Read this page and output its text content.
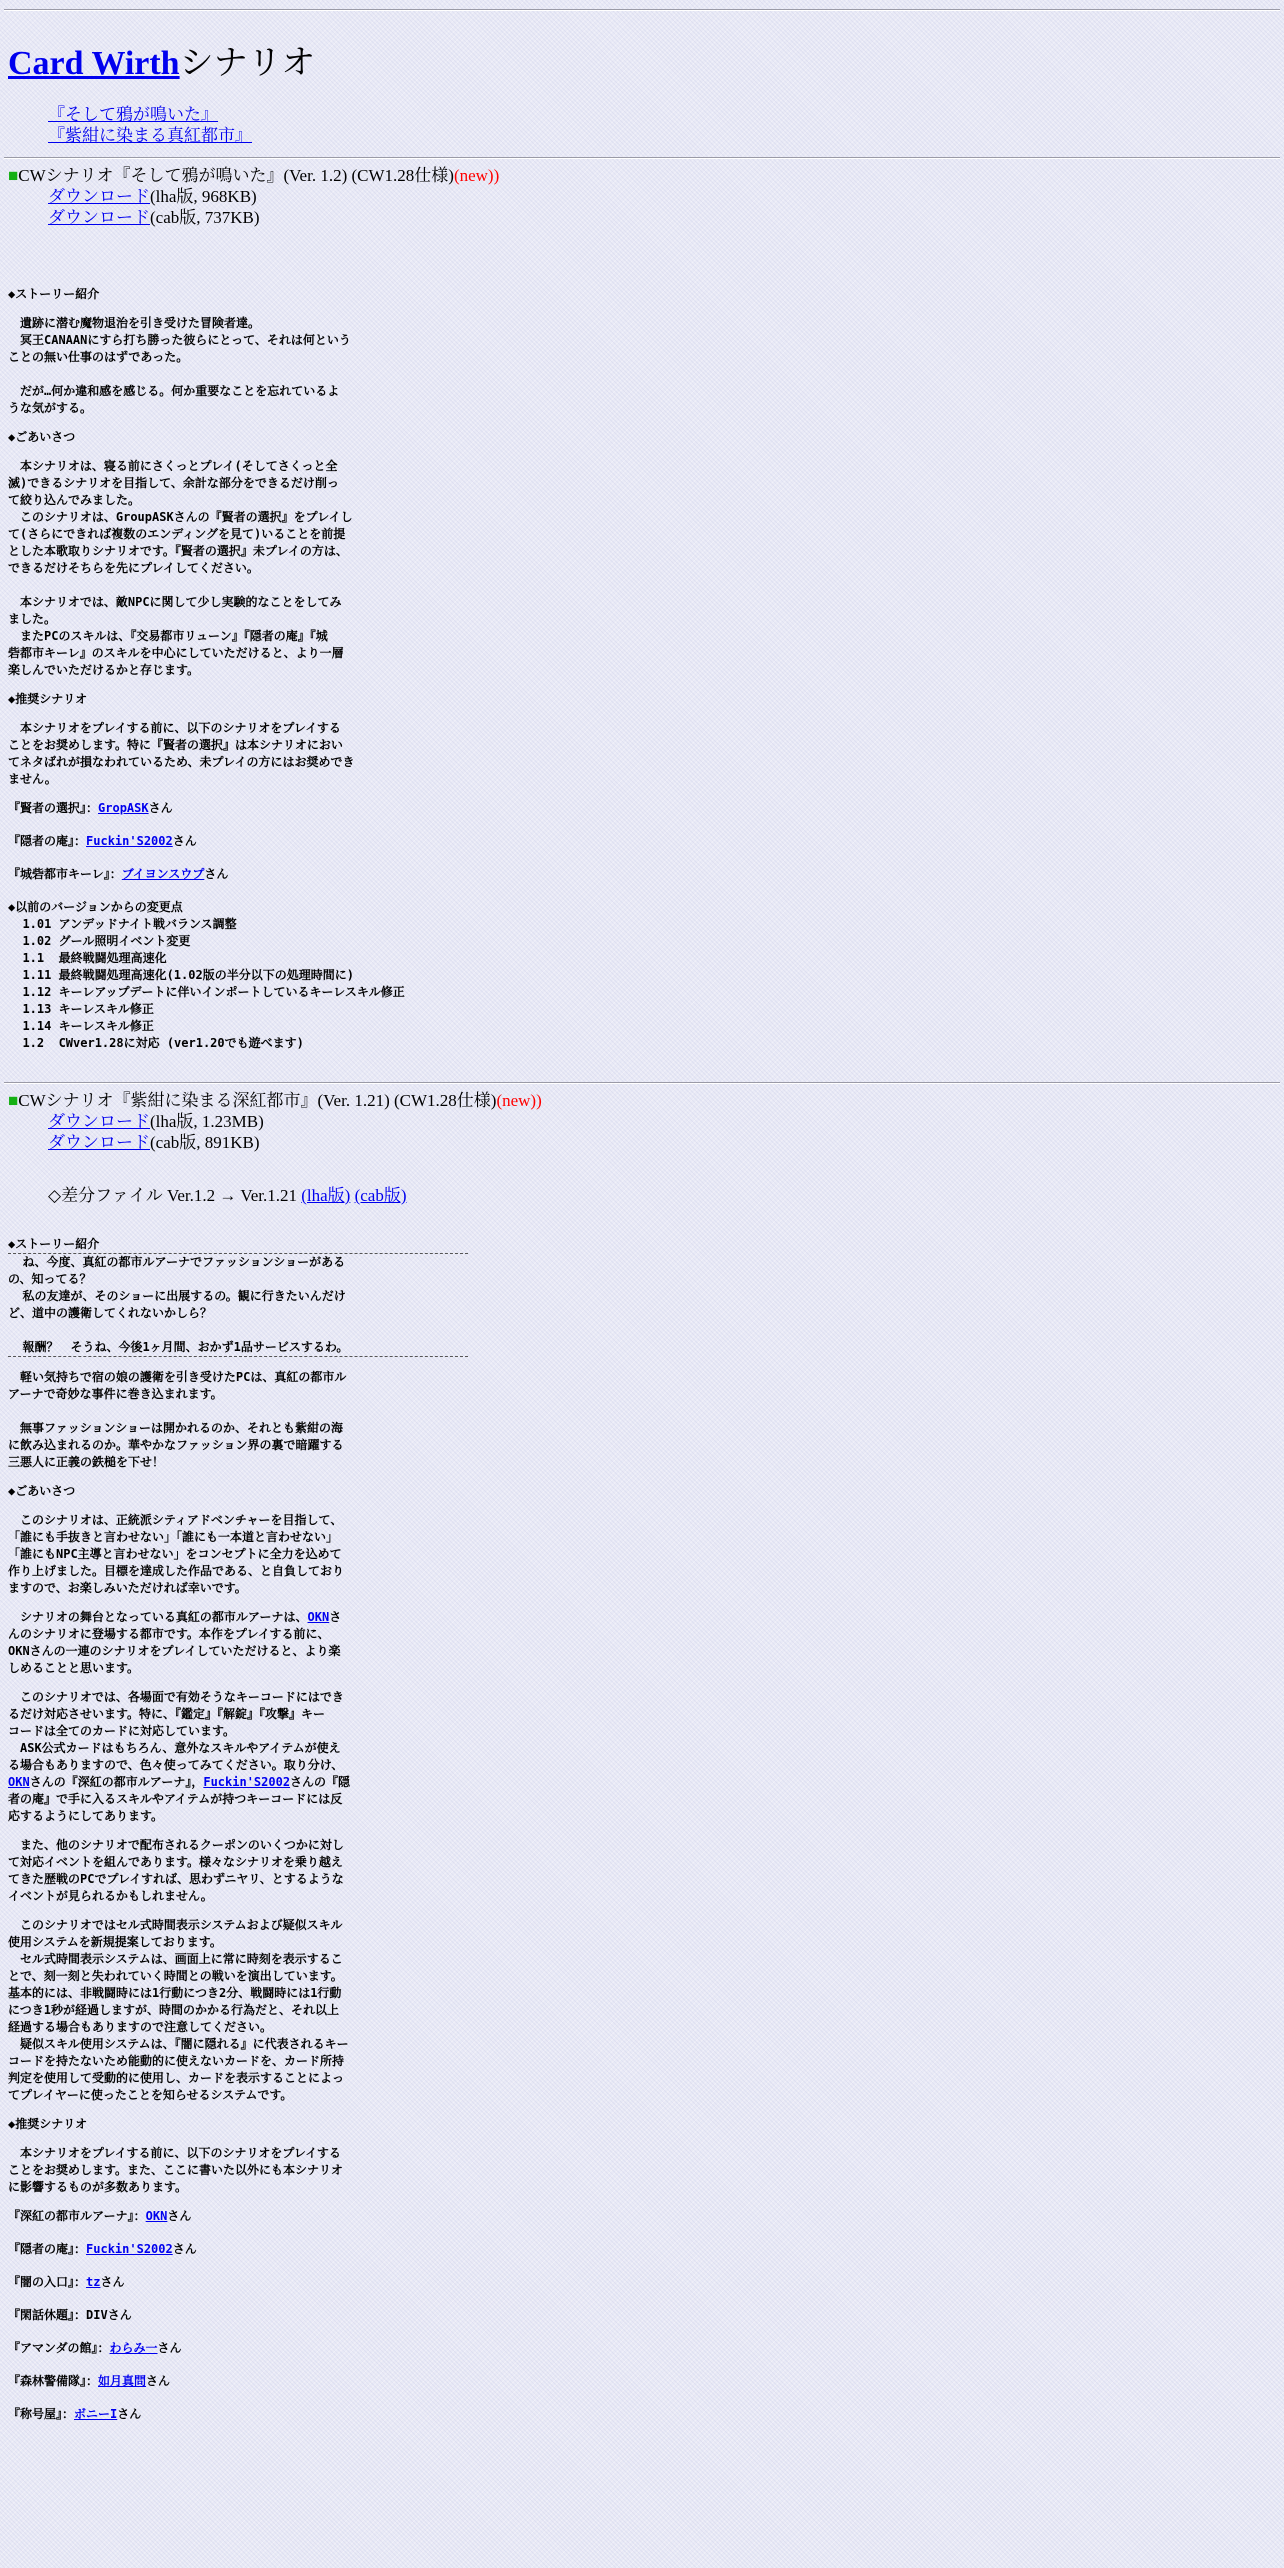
Card Wirthシナリオ
『そして鴉が鳴いた』
『紫紺に染まる真紅都市』
■CWシナリオ『そして鴉が鳴いた』(Ver. 1.2) (CW1.28仕様)(new))
ダウンロード(lha版, 968KB)
ダウンロード(cab版, 737KB)
◆ストーリー紹介
　遺跡に潜む魔物退治を引き受けた冒険者達。
　冥王CANAANにすら打ち勝った彼らにとって、それは何という
ことの無い仕事のはずであった。

　だが…何か違和感を感じる。何か重要なことを忘れているよ
うな気がする。
◆ごあいさつ
　本シナリオは、寝る前にさくっとプレイ(そしてさくっと全
滅)できるシナリオを目指して、余計な部分をできるだけ削っ
て絞り込んでみました。
　このシナリオは、GroupASKさんの『賢者の選択』をプレイし
て(さらにできれば複数のエンディングを見て)いることを前提
とした本歌取りシナリオです。『賢者の選択』未プレイの方は、
できるだけそちらを先にプレイしてください。

　本シナリオでは、敵NPCに関して少し実験的なことをしてみ
ました。
　またPCのスキルは、『交易都市リューン』『隠者の庵』『城
砦都市キーレ』のスキルを中心にしていただけると、より一層
楽しんでいただけるかと存じます。
◆推奨シナリオ
　本シナリオをプレイする前に、以下のシナリオをプレイする
ことをお奨めします。特に『賢者の選択』は本シナリオにおい
てネタばれが損なわれているため、未プレイの方にはお奨めでき
ません。
『賢者の選択』：GropASKさん
『隠者の庵』：Fuckin'S2002さん
『城砦都市キーレ』：ブイヨンスウプさん
◆以前のバージョンからの変更点
1.01 アンデッドナイト戦バランス調整
1.02 グール照明イベント変更
1.1  最終戦闘処理高速化
1.11 最終戦闘処理高速化(1.02版の半分以下の処理時間に)
1.12 キーレアップデートに伴いインポートしているキーレスキル修正
1.13 キーレスキル修正
1.14 キーレスキル修正
1.2  CWver1.28に対応 (ver1.20でも遊べます)
■CWシナリオ『紫紺に染まる深紅都市』(Ver. 1.21) (CW1.28仕様)(new))
ダウンロード(lha版, 1.23MB)
ダウンロード(cab版, 891KB)
◇差分ファイル Ver.1.2 → Ver.1.21 (lha版) (cab版)
◆ストーリー紹介
ね、今度、真紅の都市ルアーナでファッションショーがある
の、知ってる？
私の友達が、そのショーに出展するの。観に行きたいんだけ
ど、道中の護衛してくれないかしら？

報酬？　そうね、今後1ヶ月間、おかず1品サービスするわ。
　軽い気持ちで宿の娘の護衛を引き受けたPCは、真紅の都市ル
アーナで奇妙な事件に巻き込まれます。

　無事ファッションショーは開かれるのか、それとも紫紺の海
に飲み込まれるのか。華やかなファッション界の裏で暗躍する
三悪人に正義の鉄槌を下せ！
◆ごあいさつ
　このシナリオは、正統派シティアドベンチャーを目指して、
「誰にも手抜きと言わせない」「誰にも一本道と言わせない」
「誰にもNPC主導と言わせない」をコンセプトに全力を込めて
作り上げました。目標を達成した作品である、と自負しており
ますので、お楽しみいただければ幸いです。
　シナリオの舞台となっている真紅の都市ルアーナは、OKNさ
んのシナリオに登場する都市です。本作をプレイする前に、
OKNさんの一連のシナリオをプレイしていただけると、より楽
しめることと思います。
　このシナリオでは、各場面で有効そうなキーコードにはでき
るだけ対応させいます。特に、『鑑定』『解錠』『攻撃』キー
コードは全てのカードに対応しています。
　ASK公式カードはもちろん、意外なスキルやアイテムが使え
る場合もありますので、色々使ってみてください。取り分け、
OKNさんの『深紅の都市ルアーナ』，Fuckin'S2002さんの『隠
者の庵』で手に入るスキルやアイテムが持つキーコードには反
応するようにしてあります。
　また、他のシナリオで配布されるクーポンのいくつかに対し
て対応イベントを組んであります。様々なシナリオを乗り越え
てきた歴戦のPCでプレイすれば、思わずニヤリ、とするような
イベントが見られるかもしれません。
　このシナリオではセル式時間表示システムおよび疑似スキル
使用システムを新規提案しております。
　セル式時間表示システムは、画面上に常に時刻を表示するこ
とで、刻一刻と失われていく時間との戦いを演出しています。
基本的には、非戦闘時には1行動につき2分、戦闘時には1行動
につき1秒が経過しますが、時間のかかる行為だと、それ以上
経過する場合もありますので注意してください。
　疑似スキル使用システムは、『闇に隠れる』に代表されるキー
コードを持たないため能動的に使えないカードを、カード所持
判定を使用して受動的に使用し、カードを表示することによっ
てプレイヤーに使ったことを知らせるシステムです。
◆推奨シナリオ
　本シナリオをプレイする前に、以下のシナリオをプレイする
ことをお奨めします。また、ここに書いた以外にも本シナリオ
に影響するものが多数あります。
『深紅の都市ルアーナ』：OKNさん
『隠者の庵』：Fuckin'S2002さん
『闇の入口』：tzさん
『閑話休題』：DIVさん
『アマンダの館』：わらみ一さん
『森林警備隊』：如月真問さん
『称号屋』：ボニーIさん
